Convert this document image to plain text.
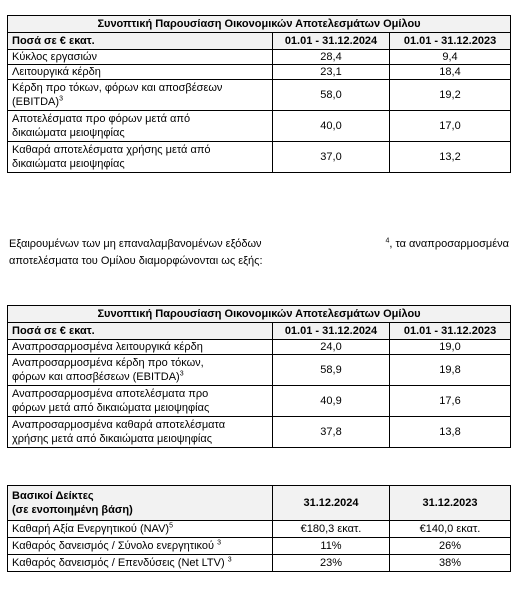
Συνοπτική Παρουσίαση Οικονομικών Αποτελεσμάτων Ομίλου		
Ποσά σε € εκατ.	01.01 - 31.12.2024	01.01 - 31.12.2023
Κύκλος εργασιών	28,4	9,4
Λειτουργικά κέρδη	23,1	18,4

Κέρδη προ τόκων, φόρων και αποσβέσεων
(EBITDA)$^3$	58,0	19,2

Αποτελέσματα προ φόρων μετά από
δικαιώματα μειοψηφίας	40,0	17,0

Καθαρά αποτελέσματα χρήσης μετά από
δικαιώματα μειοψηφίας	37,0	13,2
Εξαιρουμένων των μη επαναλαμβανομένων εξόδων	$^4$, τα αναπροσαρμοσμένα
αποτελέσματα του Ομίλου διαμορφώνονται ως εξής:
Συνοπτική Παρουσίαση Οικονομικών Αποτελεσμάτων Ομίλου		
Ποσά σε € εκατ.	01.01 - 31.12.2024	01.01 - 31.12.2023
Αναπροσαρμοσμένα λειτουργικά κέρδη	24,0	19,0

Αναπροσαρμοσμένα κέρδη προ τόκων,
φόρων και αποσβέσεων (EBITDA)$^3$	58,9	19,8

Αναπροσαρμοσμένα αποτελέσματα προ
φόρων μετά από δικαιώματα μειοψηφίας	40,9	17,6

Αναπροσαρμοσμένα καθαρά αποτελέσματα
χρήσης μετά από δικαιώματα μειοψηφίας	37,8	13,8
Βασικοί Δείκτες
(σε ενοποιημένη βάση)	31.12.2024	31.12.2023
Καθαρή Αξία Ενεργητικού (NAV)$^5$	€180,3 εκατ.	€140,0 εκατ.
Καθαρός δανεισμός / Σύνολο ενεργητικού $^3$	11%	26%
Καθαρός δανεισμός / Επενδύσεις (Net LTV) $^3$	23%	38%
